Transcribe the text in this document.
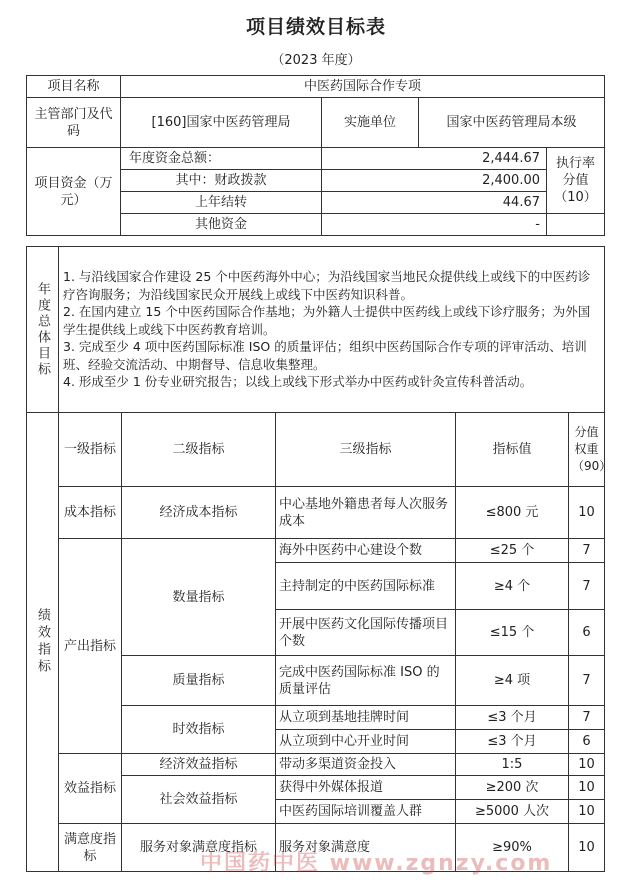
项目绩效目标表
（2023 年度）
项目名称	中医药国际合作专项			
主管部门及代码	[160]国家中医药管理局	实施单位	国家中医药管理局本级	
项目资金（万元）	年度资金总额：	2,444.67		执行率分值（10）
	其中：财政拨款	2,400.00		
	上年结转	44.67		
	其他资金	-		
年度总体目标	
1. 与沿线国家合作建设 25 个中医药海外中心；为沿线国家当地民众提供线上或线下的中医药诊疗咨询服务；为沿线国家民众开展线上或线下中医药知识科普。
2. 在国内建立 15 个中医药国际合作基地；为外籍人士提供中医药线上或线下诊疗服务；为外国学生提供线上或线下中医药教育培训。
3. 完成至少 4 项中医药国际标准 ISO 的质量评估；组织中医药国际合作专项的评审活动、培训班、经验交流活动、中期督导、信息收集整理。
4. 形成至少 1 份专业研究报告；以线上或线下形式举办中医药或针灸宣传科普活动。
绩效指标	一级指标	二级指标	三级指标	指标值	分值权重（90）
	成本指标	经济成本指标	中心基地外籍患者每人次服务成本	≤800 元	10
	产出指标	数量指标	海外中医药中心建设个数	≤25 个	7
			主持制定的中医药国际标准	≥4 个	7
			开展中医药文化国际传播项目个数	≤15 个	6
		质量指标	完成中医药国际标准 ISO 的质量评估	≥4 项	7
		时效指标	从立项到基地挂牌时间	≤3 个月	7
			从立项到中心开业时间	≤3 个月	6
	效益指标	经济效益指标	带动多渠道资金投入	1:5	10
		社会效益指标	获得中外媒体报道	≥200 次	10
			中医药国际培训覆盖人群	≥5000 人次	10
	满意度指标	服务对象满意度指标	服务对象满意度	≥90%	10
中国药中医 www.zgnzy.com
